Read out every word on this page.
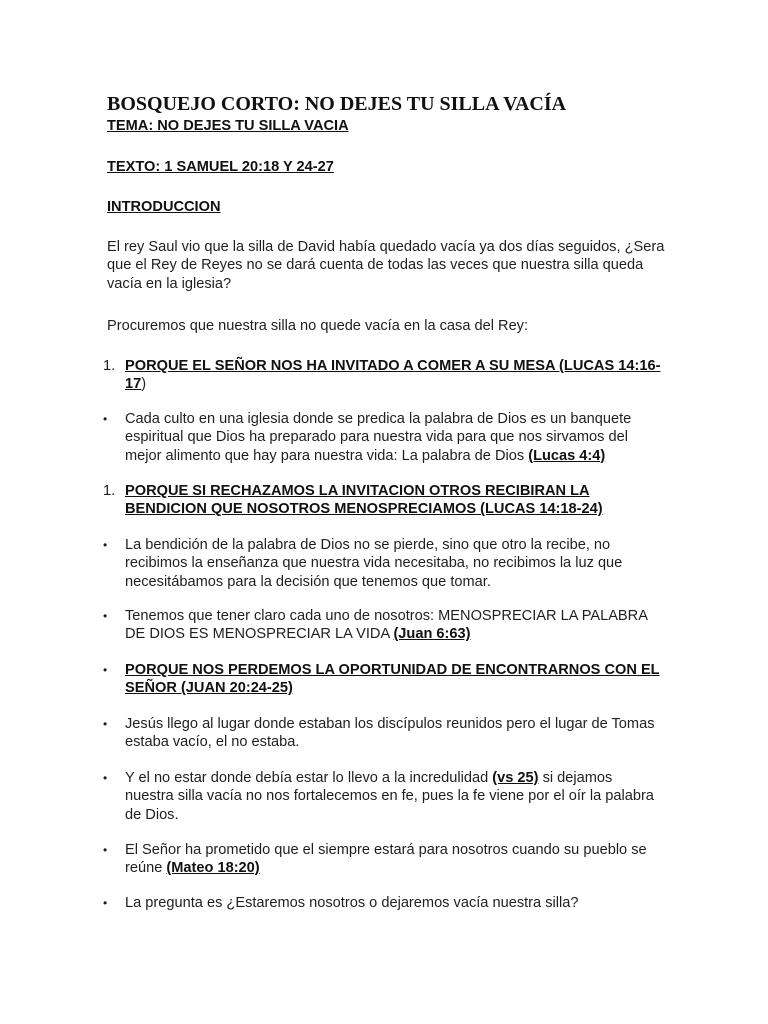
BOSQUEJO CORTO: NO DEJES TU SILLA VACÍA

TEMA: NO DEJES TU SILLA VACIA

TEXTO: 1 SAMUEL 20:18 Y 24-27

INTRODUCCION

El rey Saul vio que la silla de David había quedado vacía ya dos días seguidos, ¿Sera que el Rey de Reyes no se dará cuenta de todas las veces que nuestra silla queda vacía en la iglesia?

Procuremos que nuestra silla no quede vacía en la casa del Rey:

1. PORQUE EL SEÑOR NOS HA INVITADO A COMER A SU MESA (LUCAS 14:16-17)
•	Cada culto en una iglesia donde se predica la palabra de Dios es un banquete espiritual que Dios ha preparado para nuestra vida para que nos sirvamos del mejor alimento que hay para nuestra vida: La palabra de Dios (Lucas 4:4)
1. PORQUE SI RECHAZAMOS LA INVITACION OTROS RECIBIRAN LA BENDICION QUE NOSOTROS MENOSPRECIAMOS (LUCAS 14:18-24)
•	La bendición de la palabra de Dios no se pierde, sino que otro la recibe, no recibimos la enseñanza que nuestra vida necesitaba, no recibimos la luz que necesitábamos para la decisión que tenemos que tomar.
•	Tenemos que tener claro cada uno de nosotros: MENOSPRECIAR LA PALABRA DE DIOS ES MENOSPRECIAR LA VIDA (Juan 6:63)
•	PORQUE NOS PERDEMOS LA OPORTUNIDAD DE ENCONTRARNOS CON EL SEÑOR (JUAN 20:24-25)
•	Jesús llego al lugar donde estaban los discípulos reunidos pero el lugar de Tomas estaba vacío, el no estaba.
•	Y el no estar donde debía estar lo llevo a la incredulidad (vs 25) si dejamos nuestra silla vacía no nos fortalecemos en fe, pues la fe viene por el oír la palabra de Dios.
•	El Señor ha prometido que el siempre estará para nosotros cuando su pueblo se reúne (Mateo 18:20)
•	La pregunta es ¿Estaremos nosotros o dejaremos vacía nuestra silla?
